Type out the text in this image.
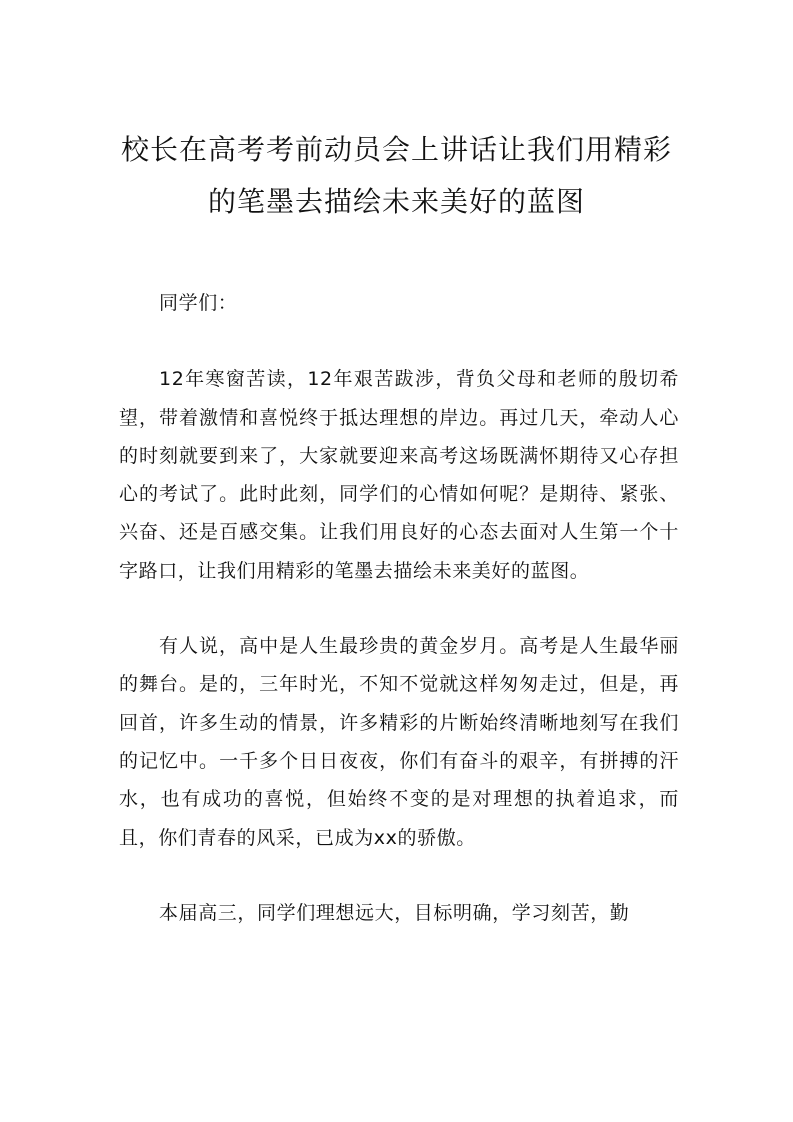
校长在高考考前动员会上讲话让我们用精彩
的笔墨去描绘未来美好的蓝图

同学们：

12年寒窗苦读，12年艰苦跋涉，背负父母和老师的殷切希望，带着激情和喜悦终于抵达理想的岸边。再过几天，牵动人心的时刻就要到来了，大家就要迎来高考这场既满怀期待又心存担心的考试了。此时此刻，同学们的心情如何呢？是期待、紧张、兴奋、还是百感交集。让我们用良好的心态去面对人生第一个十字路口，让我们用精彩的笔墨去描绘未来美好的蓝图。

有人说，高中是人生最珍贵的黄金岁月。高考是人生最华丽的舞台。是的，三年时光，不知不觉就这样匆匆走过，但是，再回首，许多生动的情景，许多精彩的片断始终清晰地刻写在我们的记忆中。一千多个日日夜夜，你们有奋斗的艰辛，有拼搏的汗水，也有成功的喜悦，但始终不变的是对理想的执着追求，而且，你们青春的风采，已成为xx的骄傲。

本届高三，同学们理想远大，目标明确，学习刻苦，勤
